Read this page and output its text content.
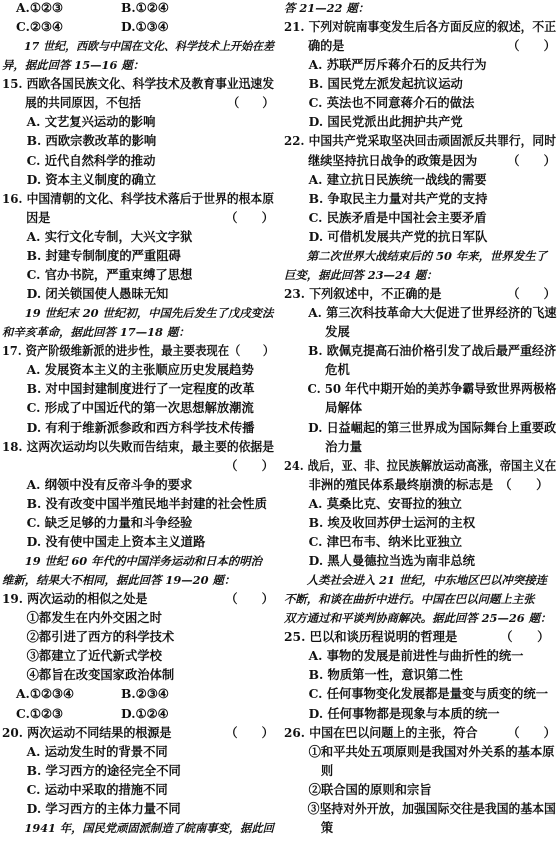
A.①②③	B.①②④
C.②③④	D.①③④
　　17 世纪，西欧与中国在文化、科学技术上开始在差
异，据此回答 15—16 题：
15. 西欧各国民族文化、科学技术及教育事业迅速发
　　展的共同原因，不包括　　　　　　　　（　　）
　　A. 文艺复兴运动的影响
　　B. 西欧宗教改革的影响
　　C. 近代自然科学的推动
　　D. 资本主义制度的确立
16. 中国清朝的文化、科学技术落后于世界的根本原
　　因是　　　　　　　　　　　　　　　（　　）
　　A. 实行文化专制，大兴文字狱
　　B. 封建专制制度的严重阻碍
　　C. 官办书院，严重束缚了思想
　　D. 闭关锁国使人愚昧无知
　　19 世纪末 20 世纪初，中国先后发生了戊戌变法
和辛亥革命，据此回答 17—18 题：
17. 资产阶级维新派的进步性，最主要表现在（　　）
　　A. 发展资本主义的主张顺应历史发展趋势
　　B. 对中国封建制度进行了一定程度的改革
　　C. 形成了中国近代的第一次思想解放潮流
　　D. 有利于维新派参政和西方科学技术传播
18. 这两次运动均以失败而告结束，最主要的依据是
　　　　　　　　　　　　　　　　　　　（　　）
　　A. 纲领中没有反帝斗争的要求
　　B. 没有改变中国半殖民地半封建的社会性质
　　C. 缺乏足够的力量和斗争经验
　　D. 没有使中国走上资本主义道路
　　19 世纪 60 年代的中国洋务运动和日本的明治
维新，结果大不相同，据此回答 19—20 题：
19. 两次运动的相似之处是　　　　　　　（　　）
　　①都发生在内外交困之时
　　②都引进了西方的科学技术
　　③都建立了近代新式学校
　　④都旨在改变国家政治体制
A.①②③④	B.②③④
C.①②③	D.①②④
20. 两次运动不同结果的根源是　　　　　（　　）
　　A. 运动发生时的背景不同
　　B. 学习西方的途径完全不同
　　C. 运动中采取的措施不同
　　D. 学习西方的主体力量不同
　　1941 年，国民党顽固派制造了皖南事变，据此回
答 21—22 题：
21. 下列对皖南事变发生后各方面反应的叙述，不正
　　确的是　　　　　　　　　　　　　　（　　）
　　A. 苏联严厉斥蒋介石的反共行为
　　B. 国民党左派发起抗议运动
　　C. 英法也不同意蒋介石的做法
　　D. 国民党派出此拥护共产党
22. 中国共产党采取坚决回击顽固派反共罪行，同时
　　继续坚持抗日战争的政策是因为　　　（　　）
　　A. 建立抗日民族统一战线的需要
　　B. 争取民主力量对共产党的支持
　　C. 民族矛盾是中国社会主要矛盾
　　D. 可借机发展共产党的抗日军队
　　第二次世界大战结束后的 50 年来，世界发生了
巨变，据此回答 23—24 题：
23. 下列叙述中，不正确的是　　　　　　（　　）
　　A. 第三次科技革命大大促进了世界经济的飞速
　　　 发展
　　B. 欧佩克提高石油价格引发了战后最严重经济
　　　 危机
　　C. 50 年代中期开始的美苏争霸导致世界两极格
　　　 局解体
　　D. 日益崛起的第三世界成为国际舞台上重要政
　　　 治力量
24. 战后，亚、非、拉民族解放运动高涨，帝国主义在
　　非洲的殖民体系最终崩溃的标志是　（　　）
　　A. 莫桑比克、安哥拉的独立
　　B. 埃及收回苏伊士运河的主权
　　C. 津巴布韦、纳米比亚独立
　　D. 黑人曼德拉当选为南非总统
　　人类社会进入 21 世纪，中东地区巴以冲突接连
不断，和谈在曲折中进行。中国在巴以问题上主张
双方通过和平谈判协商解决。据此回答 25—26 题：
25. 巴以和谈历程说明的哲理是　　　　（　　）
　　A. 事物的发展是前进性与曲折性的统一
　　B. 物质第一性，意识第二性
　　C. 任何事物变化发展都是量变与质变的统一
　　D. 任何事物都是现象与本质的统一
26. 中国在巴以问题上的主张，符合　　　（　　）
　　①和平共处五项原则是我国对外关系的基本原
　　　则
　　②联合国的原则和宗旨
　　③坚持对外开放，加强国际交往是我国的基本国
　　　策
